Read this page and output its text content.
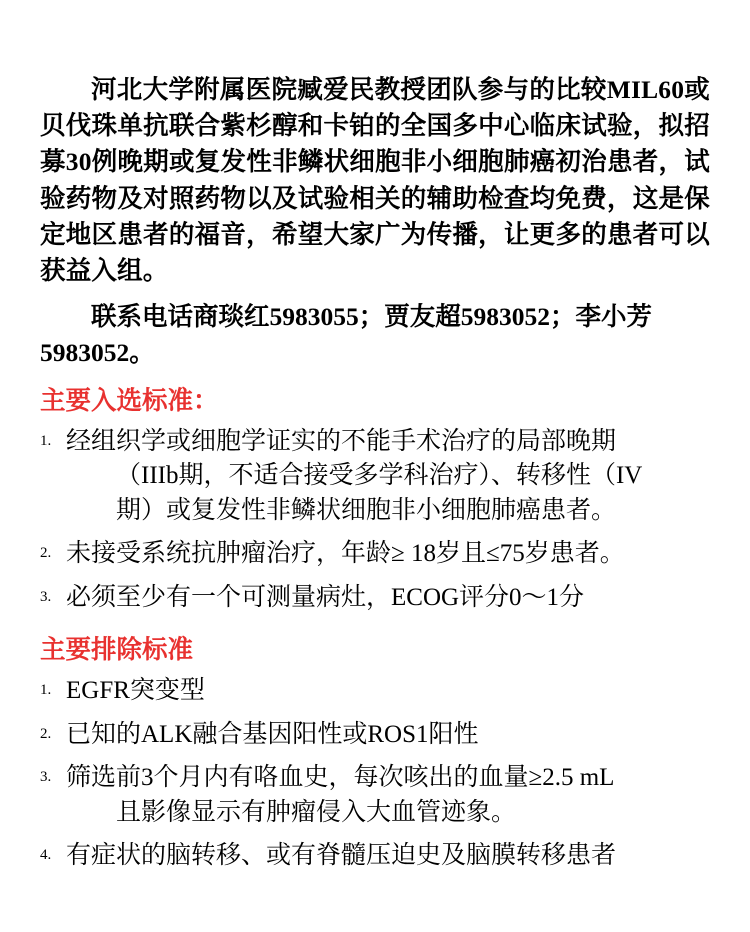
河北大学附属医院臧爱民教授团队参与的比较MIL60或贝伐珠单抗联合紫杉醇和卡铂的全国多中心临床试验，拟招募30例晚期或复发性非鳞状细胞非小细胞肺癌初治患者，试验药物及对照药物以及试验相关的辅助检查均免费，这是保定地区患者的福音，希望大家广为传播，让更多的患者可以获益入组。

联系电话商琰红5983055；贾友超5983052；李小芳5983052。

主要入选标准：
1. 经组织学或细胞学证实的不能手术治疗的局部晚期
（IIIb期，不适合接受多学科治疗）、转移性（IV
期）或复发性非鳞状细胞非小细胞肺癌患者。
2. 未接受系统抗肿瘤治疗，年龄≥ 18岁且≤75岁患者。
3. 必须至少有一个可测量病灶，ECOG评分0～1分
主要排除标准
1. EGFR突变型
2. 已知的ALK融合基因阳性或ROS1阳性
3. 筛选前3个月内有咯血史，每次咳出的血量≥2.5 mL
且影像显示有肿瘤侵入大血管迹象。
4. 有症状的脑转移、或有脊髓压迫史及脑膜转移患者
